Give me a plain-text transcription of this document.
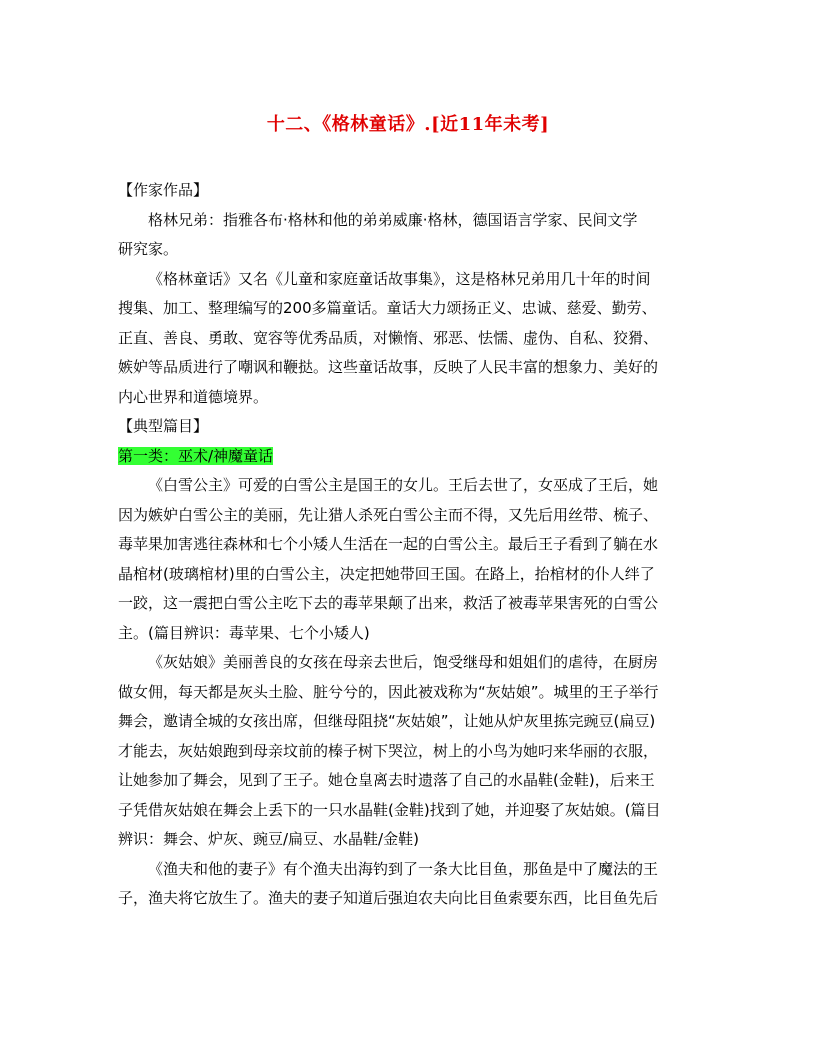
十二、《格林童话》.[近11年未考]
【作家作品】
格林兄弟：指雅各布·格林和他的弟弟威廉·格林，德国语言学家、民间文学
研究家。
《格林童话》又名《儿童和家庭童话故事集》，这是格林兄弟用几十年的时间
搜集、加工、整理编写的200多篇童话。童话大力颂扬正义、忠诚、慈爱、勤劳、
正直、善良、勇敢、宽容等优秀品质，对懒惰、邪恶、怯懦、虚伪、自私、狡猾、
嫉妒等品质进行了嘲讽和鞭挞。这些童话故事，反映了人民丰富的想象力、美好的
内心世界和道德境界。
【典型篇目】
第一类：巫术/神魔童话
《白雪公主》可爱的白雪公主是国王的女儿。王后去世了，女巫成了王后，她
因为嫉妒白雪公主的美丽，先让猎人杀死白雪公主而不得，又先后用丝带、梳子、
毒苹果加害逃往森林和七个小矮人生活在一起的白雪公主。最后王子看到了躺在水
晶棺材(玻璃棺材)里的白雪公主，决定把她带回王国。在路上，抬棺材的仆人绊了
一跤，这一震把白雪公主吃下去的毒苹果颠了出来，救活了被毒苹果害死的白雪公
主。(篇目辨识：毒苹果、七个小矮人)
《灰姑娘》美丽善良的女孩在母亲去世后，饱受继母和姐姐们的虐待，在厨房
做女佣，每天都是灰头土脸、脏兮兮的，因此被戏称为“灰姑娘”。城里的王子举行
舞会，邀请全城的女孩出席，但继母阻挠“灰姑娘”，让她从炉灰里拣完豌豆(扁豆)
才能去，灰姑娘跑到母亲坟前的榛子树下哭泣，树上的小鸟为她叼来华丽的衣服，
让她参加了舞会，见到了王子。她仓皇离去时遗落了自己的水晶鞋(金鞋)，后来王
子凭借灰姑娘在舞会上丢下的一只水晶鞋(金鞋)找到了她，并迎娶了灰姑娘。(篇目
辨识：舞会、炉灰、豌豆/扁豆、水晶鞋/金鞋)
《渔夫和他的妻子》有个渔夫出海钓到了一条大比目鱼，那鱼是中了魔法的王
子，渔夫将它放生了。渔夫的妻子知道后强迫农夫向比目鱼索要东西，比目鱼先后
